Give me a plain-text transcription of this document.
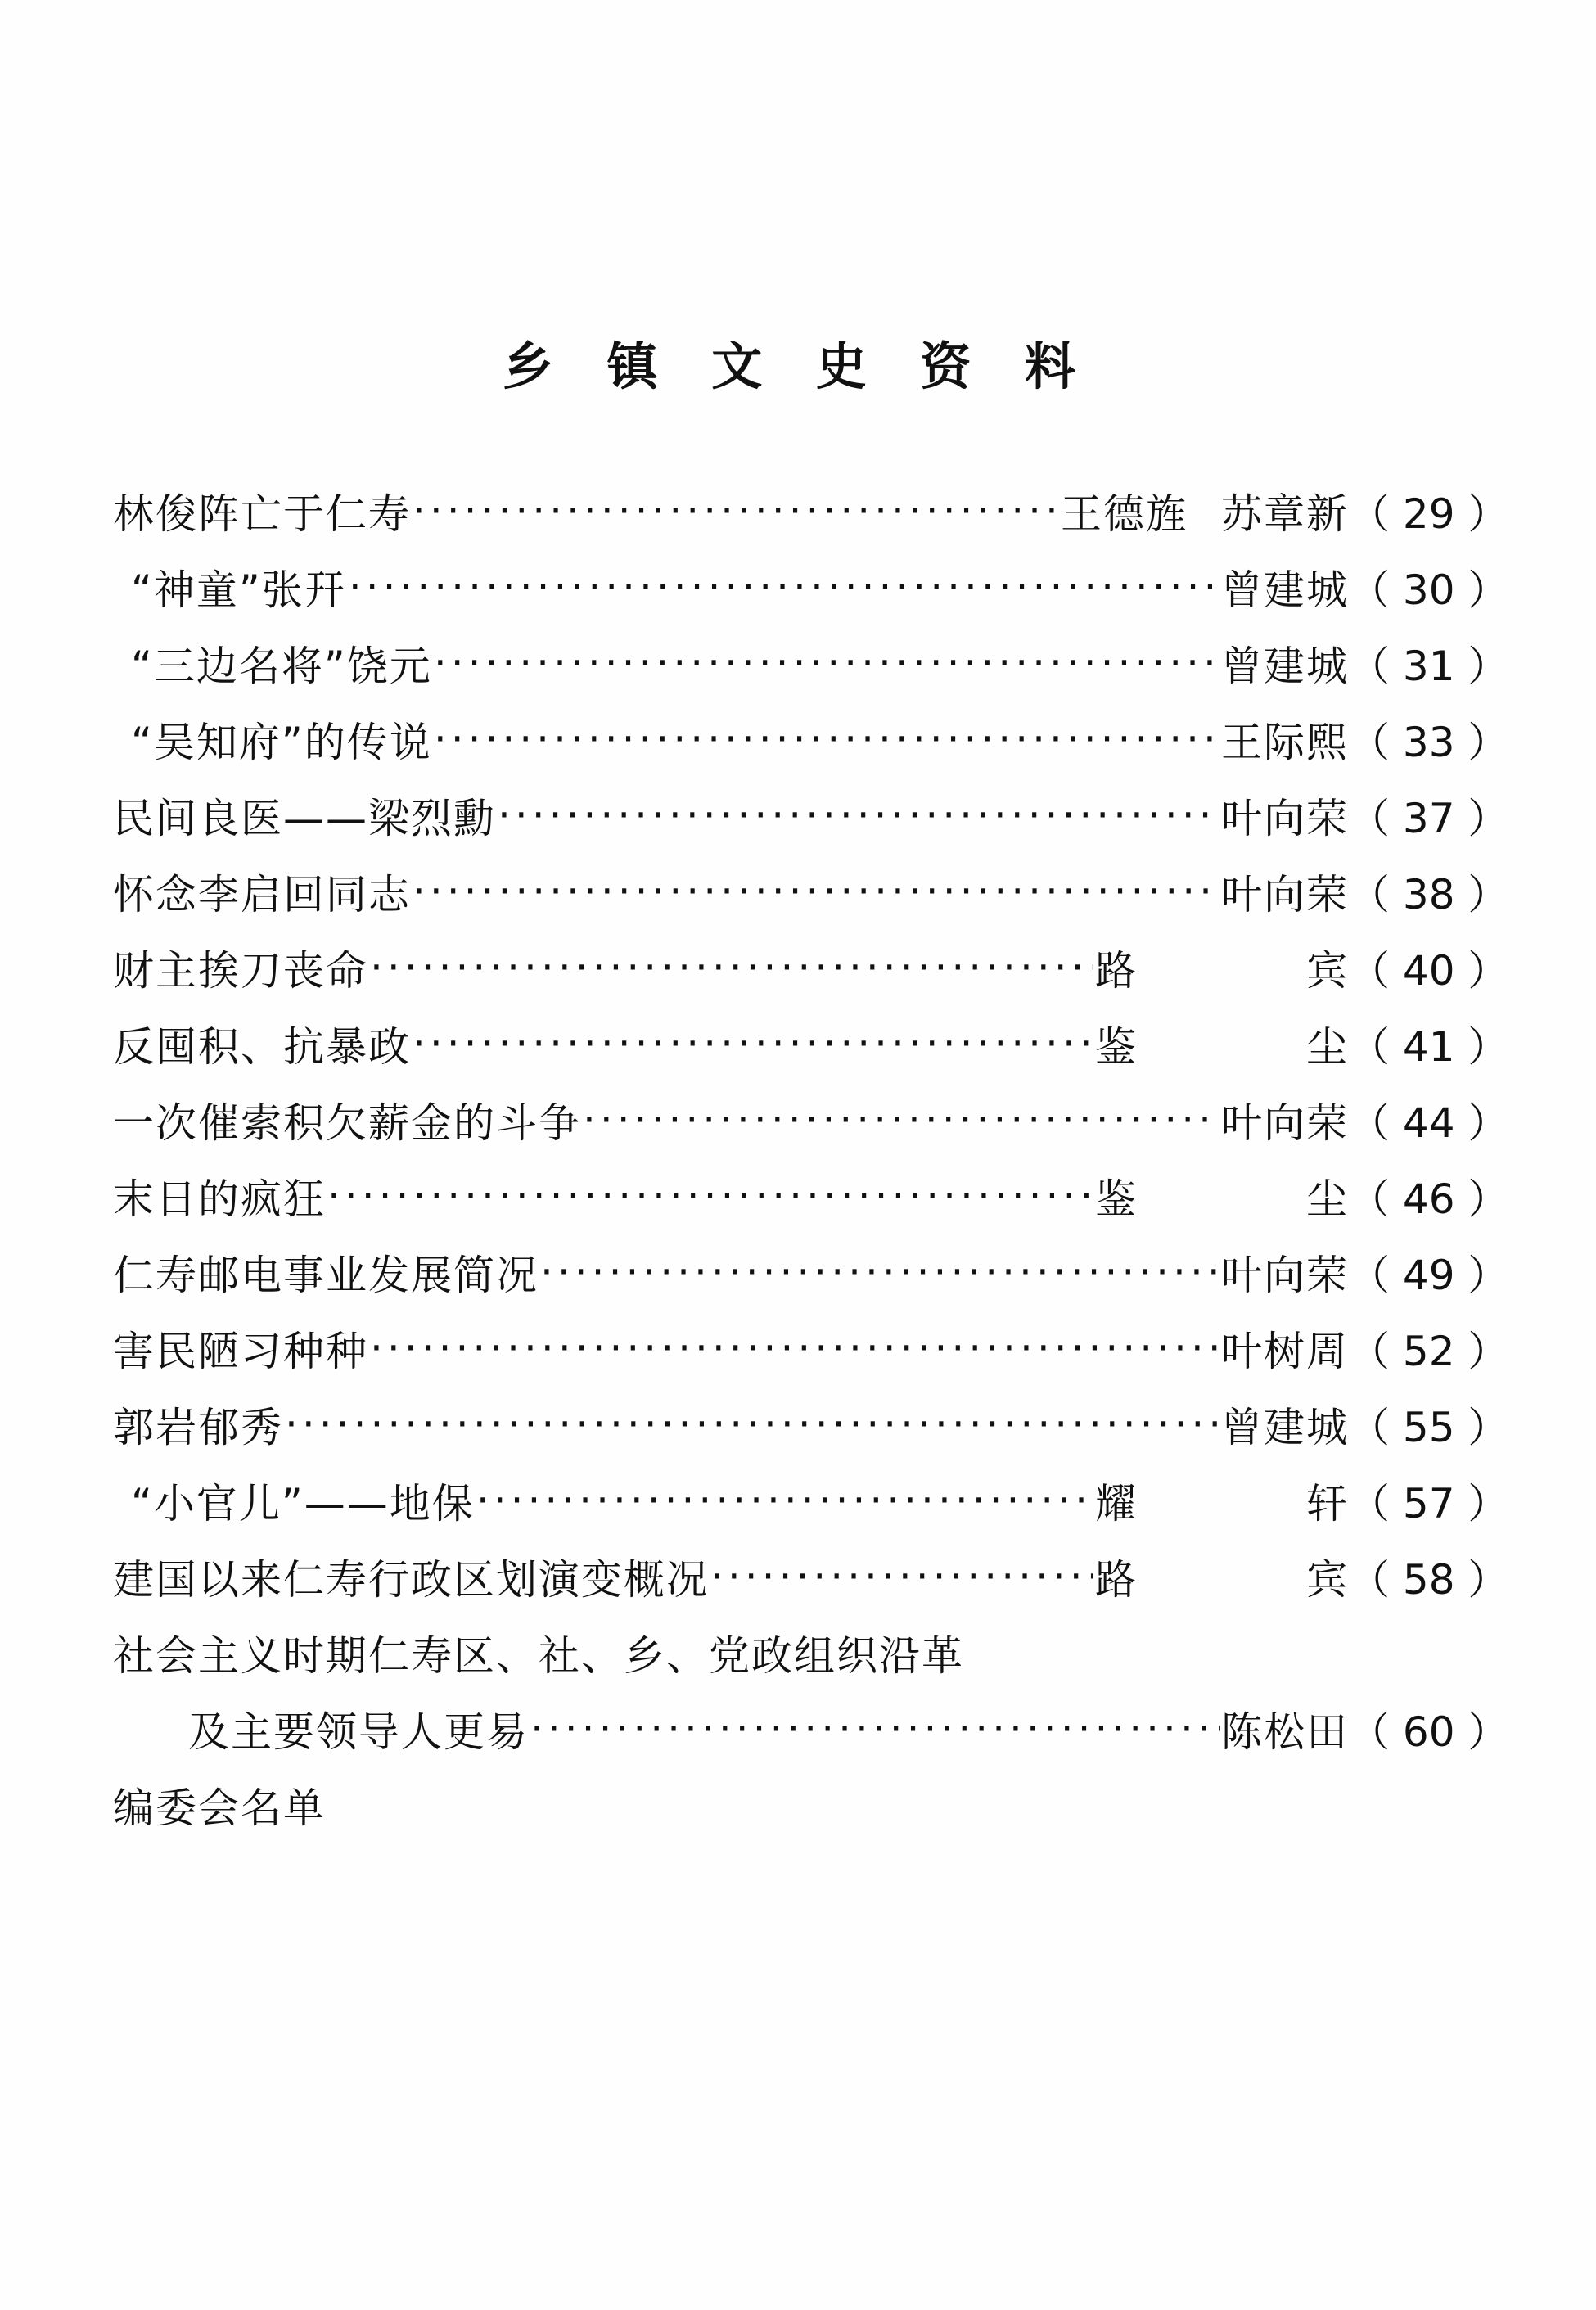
乡 镇 文 史 资 料
林俊阵亡于仁寿 ·····	王德旌 苏章新 （ 29 ）
“神童”张幵 ·····	曾建城 （ 30 ）
“三边名将”饶元 ·····	曾建城 （ 31 ）
“吴知府”的传说 ·····	王际熙 （ 33 ）
民间良医——梁烈勳 ·····	叶向荣 （ 37 ）
怀念李启回同志 ·····	叶向荣 （ 38 ）
财主挨刀丧命 ·····	路	宾 （ 40 ）
反囤积、抗暴政 ·····	鉴	尘 （ 41 ）
一次催索积欠薪金的斗争 ·····	叶向荣 （ 44 ）
末日的疯狂 ·····	鉴	尘 （ 46 ）
仁寿邮电事业发展简况 ·····	叶向荣 （ 49 ）
害民陋习种种 ·····	叶树周 （ 52 ）
郭岩郁秀 ·····	曾建城 （ 55 ）
“小官儿”——地保 ·····	耀	轩 （ 57 ）
建国以来仁寿行政区划演变概况 ·····	路	宾 （ 58 ）
社会主义时期仁寿区、社、乡、党政组织沿革
及主要领导人更易 ·····	陈松田 （ 60 ）
编委会名单
